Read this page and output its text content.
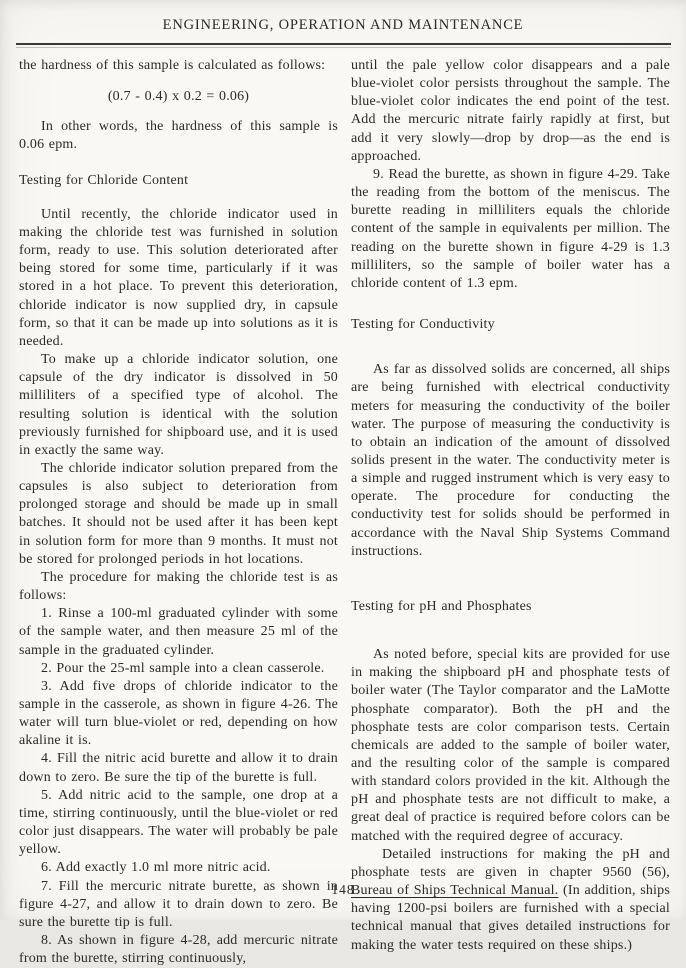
ENGINEERING, OPERATION AND MAINTENANCE

the hardness of this sample is calculated as follows:

(0.7 - 0.4) x 0.2 = 0.06)

In other words, the hardness of this sample is 0.06 epm.

Testing for Chloride Content

Until recently, the chloride indicator used in making the chloride test was furnished in solution form, ready to use. This solution deteriorated after being stored for some time, particularly if it was stored in a hot place. To prevent this deterioration, chloride indicator is now supplied dry, in capsule form, so that it can be made up into solutions as it is needed.

To make up a chloride indicator solution, one capsule of the dry indicator is dissolved in 50 milliliters of a specified type of alcohol. The resulting solution is identical with the solution previously furnished for shipboard use, and it is used in exactly the same way.

The chloride indicator solution prepared from the capsules is also subject to deterioration from prolonged storage and should be made up in small batches. It should not be used after it has been kept in solution form for more than 9 months. It must not be stored for prolonged periods in hot locations.

The procedure for making the chloride test is as follows:

1. Rinse a 100-ml graduated cylinder with some of the sample water, and then measure 25 ml of the sample in the graduated cylinder.

2. Pour the 25-ml sample into a clean casserole.

3. Add five drops of chloride indicator to the sample in the casserole, as shown in figure 4-26. The water will turn blue-violet or red, depending on how akaline it is.

4. Fill the nitric acid burette and allow it to drain down to zero. Be sure the tip of the burette is full.

5. Add nitric acid to the sample, one drop at a time, stirring continuously, until the blue-violet or red color just disappears. The water will probably be pale yellow.

6. Add exactly 1.0 ml more nitric acid.

7. Fill the mercuric nitrate burette, as shown in figure 4-27, and allow it to drain down to zero. Be sure the burette tip is full.

8. As shown in figure 4-28, add mercuric nitrate from the burette, stirring continuously,

until the pale yellow color disappears and a pale blue-violet color persists throughout the sample. The blue-violet color indicates the end point of the test. Add the mercuric nitrate fairly rapidly at first, but add it very slowly—drop by drop—as the end is approached.

9. Read the burette, as shown in figure 4-29. Take the reading from the bottom of the meniscus. The burette reading in milliliters equals the chloride content of the sample in equivalents per million. The reading on the burette shown in figure 4-29 is 1.3 milliliters, so the sample of boiler water has a chloride content of 1.3 epm.

Testing for Conductivity

As far as dissolved solids are concerned, all ships are being furnished with electrical conductivity meters for measuring the conductivity of the boiler water. The purpose of measuring the conductivity is to obtain an indication of the amount of dissolved solids present in the water. The conductivity meter is a simple and rugged instrument which is very easy to operate. The procedure for conducting the conductivity test for solids should be performed in accordance with the Naval Ship Systems Command instructions.

Testing for pH and Phosphates

As noted before, special kits are provided for use in making the shipboard pH and phosphate tests of boiler water (The Taylor comparator and the LaMotte phosphate comparator). Both the pH and the phosphate tests are color comparison tests. Certain chemicals are added to the sample of boiler water, and the resulting color of the sample is compared with standard colors provided in the kit. Although the pH and phosphate tests are not difficult to make, a great deal of practice is required before colors can be matched with the required degree of accuracy.

Detailed instructions for making the pH and phosphate tests are given in chapter 9560 (56), Bureau of Ships Technical Manual. (In addition, ships having 1200-psi boilers are furnished with a special technical manual that gives detailed instructions for making the water tests required on these ships.)

148
